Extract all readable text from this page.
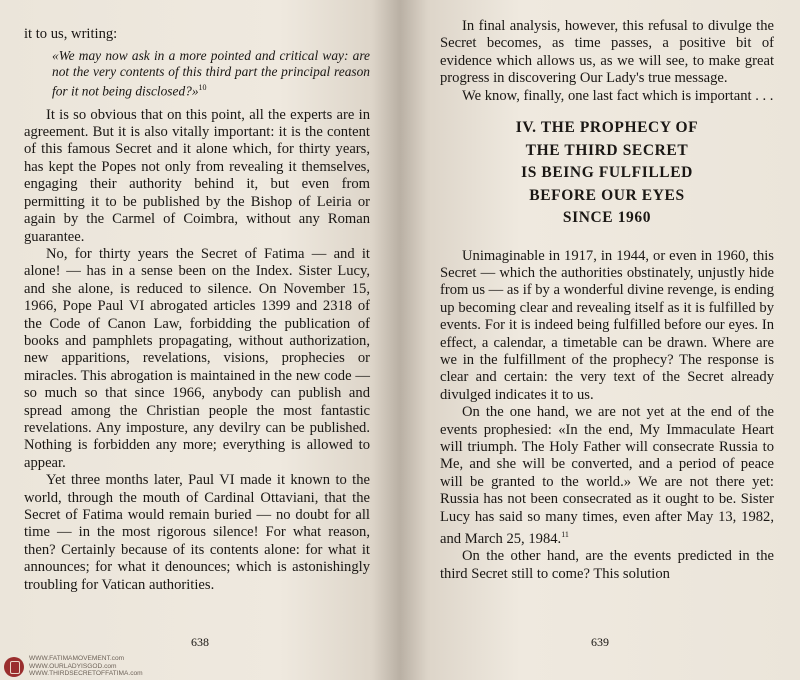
it to us, writing:

«We may now ask in a more pointed and critical way: are not the very contents of this third part the principal reason for it not being disclosed?»$^{10}$

It is so obvious that on this point, all the experts are in agreement. But it is also vitally important: it is the content of this famous Secret and it alone which, for thirty years, has kept the Popes not only from revealing it themselves, engaging their authority behind it, but even from permitting it to be published by the Bishop of Leiria or again by the Carmel of Coimbra, without any Roman guarantee.

No, for thirty years the Secret of Fatima — and it alone! — has in a sense been on the Index. Sister Lucy, and she alone, is reduced to silence. On November 15, 1966, Pope Paul VI abrogated articles 1399 and 2318 of the Code of Canon Law, forbidding the publication of books and pamphlets propagating, without authorization, new apparitions, revelations, visions, prophecies or miracles. This abrogation is maintained in the new code — so much so that since 1966, anybody can publish and spread among the Christian people the most fantastic revelations. Any imposture, any devilry can be published. Nothing is forbidden any more; everything is allowed to appear.

Yet three months later, Paul VI made it known to the world, through the mouth of Cardinal Ottaviani, that the Secret of Fatima would remain buried — no doubt for all time — in the most rigorous silence! For what reason, then? Certainly because of its contents alone: for what it announces; for what it denounces; which is astonishingly troubling for Vatican authorities.

638

In final analysis, however, this refusal to divulge the Secret becomes, as time passes, a positive bit of evidence which allows us, as we will see, to make great progress in discovering Our Lady's true message.

We know, finally, one last fact which is important . . .

IV. THE PROPHECY OF
THE THIRD SECRET
IS BEING FULFILLED
BEFORE OUR EYES
SINCE 1960

Unimaginable in 1917, in 1944, or even in 1960, this Secret — which the authorities obstinately, unjustly hide from us — as if by a wonderful divine revenge, is ending up becoming clear and revealing itself as it is fulfilled by events. For it is indeed being fulfilled before our eyes. In effect, a calendar, a timetable can be drawn. Where are we in the fulfillment of the prophecy? The response is clear and certain: the very text of the Secret already divulged indicates it to us.

On the one hand, we are not yet at the end of the events prophesied: «In the end, My Immaculate Heart will triumph. The Holy Father will consecrate Russia to Me, and she will be converted, and a period of peace will be granted to the world.» We are not there yet: Russia has not been consecrated as it ought to be. Sister Lucy has said so many times, even after May 13, 1982, and March 25, 1984.11

On the other hand, are the events predicted in the third Secret still to come? This solution

639
WWW.FATIMAMOVEMENT.com
WWW.OURLADYISGOD.com
WWW.THIRDSECRETOFFATIMA.com
